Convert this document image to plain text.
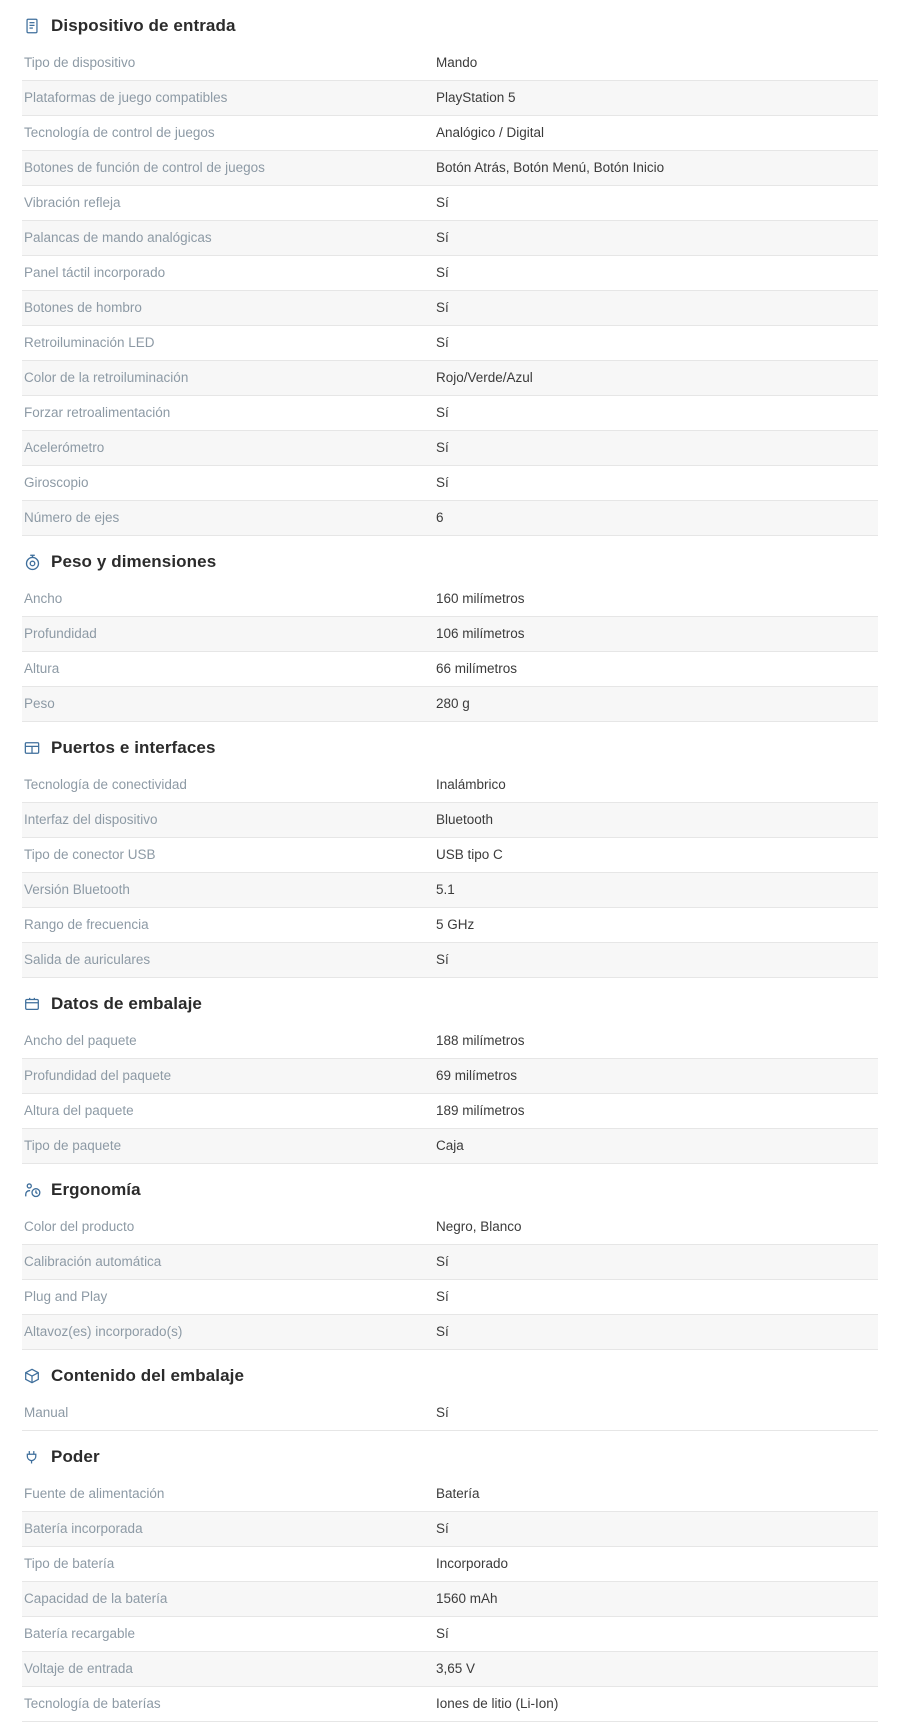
Dispositivo de entrada
Tipo de dispositivo	Mando
Plataformas de juego compatibles	PlayStation 5
Tecnología de control de juegos	Analógico / Digital
Botones de función de control de juegos	Botón Atrás, Botón Menú, Botón Inicio
Vibración refleja	Sí
Palancas de mando analógicas	Sí
Panel táctil incorporado	Sí
Botones de hombro	Sí
Retroiluminación LED	Sí
Color de la retroiluminación	Rojo/Verde/Azul
Forzar retroalimentación	Sí
Acelerómetro	Sí
Giroscopio	Sí
Número de ejes	6
Peso y dimensiones
Ancho	160 milímetros
Profundidad	106 milímetros
Altura	66 milímetros
Peso	280 g
Puertos e interfaces
Tecnología de conectividad	Inalámbrico
Interfaz del dispositivo	Bluetooth
Tipo de conector USB	USB tipo C
Versión Bluetooth	5.1
Rango de frecuencia	5 GHz
Salida de auriculares	Sí
Datos de embalaje
Ancho del paquete	188 milímetros
Profundidad del paquete	69 milímetros
Altura del paquete	189 milímetros
Tipo de paquete	Caja
Ergonomía
Color del producto	Negro, Blanco
Calibración automática	Sí
Plug and Play	Sí
Altavoz(es) incorporado(s)	Sí
Contenido del embalaje
Manual	Sí
Poder
Fuente de alimentación	Batería
Batería incorporada	Sí
Tipo de batería	Incorporado
Capacidad de la batería	1560 mAh
Batería recargable	Sí
Voltaje de entrada	3,65 V
Tecnología de baterías	Iones de litio (Li-Ion)
